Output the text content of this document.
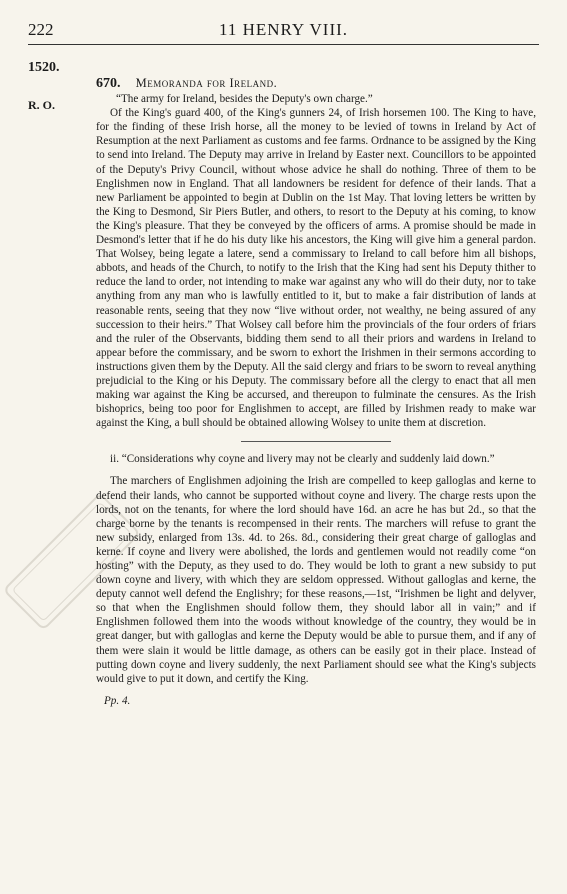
222	11 HENRY VIII.
1520.
R. O.
670. Memoranda for Ireland.

“The army for Ireland, besides the Deputy's own charge.”

Of the King's guard 400, of the King's gunners 24, of Irish horsemen 100. The King to have, for the finding of these Irish horse, all the money to be levied of towns in Ireland by Act of Resumption at the next Parliament as customs and fee farms. Ordnance to be assigned by the King to send into Ireland. The Deputy may arrive in Ireland by Easter next. Councillors to be appointed of the Deputy's Privy Council, without whose advice he shall do nothing. Three of them to be Englishmen now in England. That all landowners be resident for defence of their lands. That a new Parliament be appointed to begin at Dublin on the 1st May. That loving letters be written by the King to Desmond, Sir Piers Butler, and others, to resort to the Deputy at his coming, to know the King's pleasure. That they be conveyed by the officers of arms. A promise should be made in Desmond's letter that if he do his duty like his ancestors, the King will give him a general pardon. That Wolsey, being legate a latere, send a commissary to Ireland to call before him all bishops, abbots, and heads of the Church, to notify to the Irish that the King had sent his Deputy thither to reduce the land to order, not intending to make war against any who will do their duty, nor to take anything from any man who is lawfully entitled to it, but to make a fair distribution of lands at reasonable rents, seeing that they now “live without order, not wealthy, ne being assured of any succession to their heirs.” That Wolsey call before him the provincials of the four orders of friars and the ruler of the Observants, bidding them send to all their priors and wardens in Ireland to appear before the commissary, and be sworn to exhort the Irishmen in their sermons according to instructions given them by the Deputy. All the said clergy and friars to be sworn to reveal anything prejudicial to the King or his Deputy. The commissary before all the clergy to enact that all men making war against the King be accursed, and thereupon to fulminate the censures. As the Irish bishoprics, being too poor for Englishmen to accept, are filled by Irishmen ready to make war against the King, a bull should be obtained allowing Wolsey to unite them at discretion.

ii. “Considerations why coyne and livery may not be clearly and suddenly laid down.”

The marchers of Englishmen adjoining the Irish are compelled to keep galloglas and kerne to defend their lands, who cannot be supported without coyne and livery. The charge rests upon the lords, not on the tenants, for where the lord should have 16d. an acre he has but 2d., so that the charge borne by the tenants is recompensed in their rents. The marchers will refuse to grant the new subsidy, enlarged from 13s. 4d. to 26s. 8d., considering their great charge of galloglas and kerne. If coyne and livery were abolished, the lords and gentlemen would not readily come “on hosting” with the Deputy, as they used to do. They would be loth to grant a new subsidy to put down coyne and livery, with which they are seldom oppressed. Without galloglas and kerne, the deputy cannot well defend the Englishry; for these reasons,—1st, “Irishmen be light and delyver, so that when the Englishmen should follow them, they should labor all in vain;” and if Englishmen followed them into the woods without knowledge of the country, they would be in great danger, but with galloglas and kerne the Deputy would be able to pursue them, and if any of them were slain it would be little damage, as others can be easily got in their place. Instead of putting down coyne and livery suddenly, the next Parliament should see what the King's subjects would give to put it down, and certify the King.

Pp. 4.
